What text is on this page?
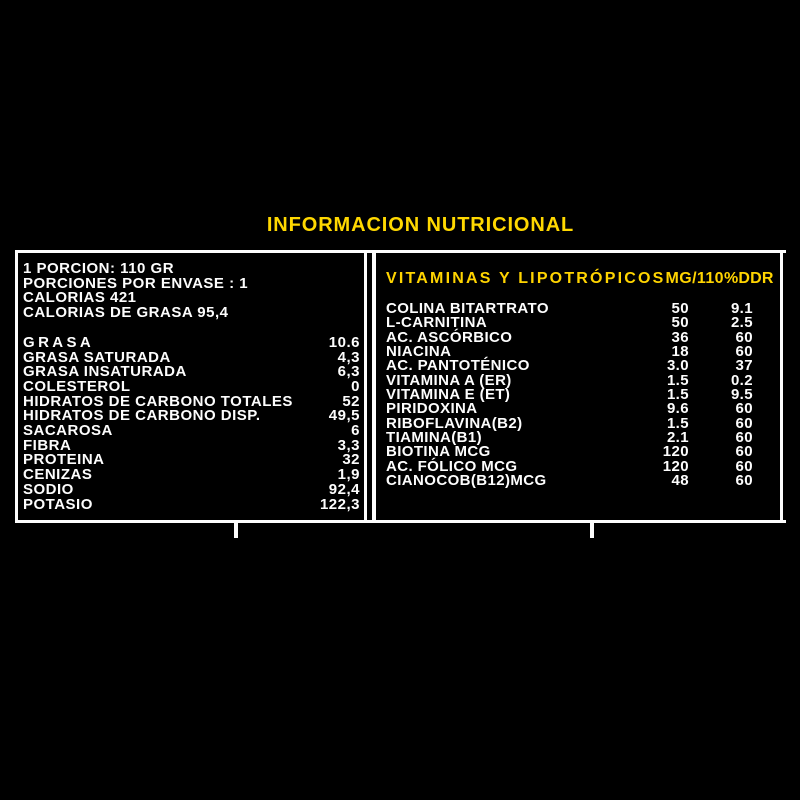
INFORMACION NUTRICIONAL
1 PORCION: 110 GR
PORCIONES POR ENVASE : 1
CALORIAS 421
CALORIAS DE GRASA 95,4
GRASA	10.6
GRASA SATURADA	4,3
GRASA INSATURADA	6,3
COLESTEROL	0
HIDRATOS DE CARBONO TOTALES	52
HIDRATOS DE CARBONO DISP.	49,5
SACAROSA	6
FIBRA	3,3
PROTEINA	32
CENIZAS	1,9
SODIO	92,4
POTASIO	122,3
VITAMINAS Y LIPOTRÓPICOS MG/110 %DDR
COLINA BITARTRATO	50	9.1
L-CARNITINA	50	2.5
AC. ASCÓRBICO	36	60
NIACINA	18	60
AC. PANTOTÉNICO	3.0	37
VITAMINA A (ER)	1.5	0.2
VITAMINA E (ET)	1.5	9.5
PIRIDOXINA	9.6	60
RIBOFLAVINA(B2)	1.5	60
TIAMINA(B1)	2.1	60
BIOTINA MCG	120	60
AC. FÓLICO MCG	120	60
CIANOCOB(B12)MCG	48	60
